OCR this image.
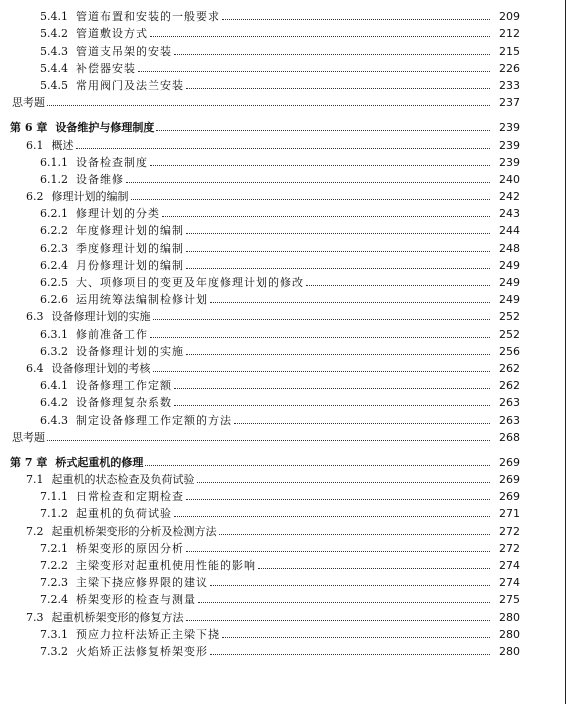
5.4.1 管道布置和安装的一般要求	209
5.4.2 管道敷设方式	212
5.4.3 管道支吊架的安装	215
5.4.4 补偿器安装	226
5.4.5 常用阀门及法兰安装	233
思考题	237
第 6 章 设备维护与修理制度	239
6.1 概述	239
6.1.1 设备检查制度	239
6.1.2 设备维修	240
6.2 修理计划的编制	242
6.2.1 修理计划的分类	243
6.2.2 年度修理计划的编制	244
6.2.3 季度修理计划的编制	248
6.2.4 月份修理计划的编制	249
6.2.5 大、项修项目的变更及年度修理计划的修改	249
6.2.6 运用统筹法编制检修计划	249
6.3 设备修理计划的实施	252
6.3.1 修前准备工作	252
6.3.2 设备修理计划的实施	256
6.4 设备修理计划的考核	262
6.4.1 设备修理工作定额	262
6.4.2 设备修理复杂系数	263
6.4.3 制定设备修理工作定额的方法	263
思考题	268
第 7 章 桥式起重机的修理	269
7.1 起重机的状态检查及负荷试验	269
7.1.1 日常检查和定期检查	269
7.1.2 起重机的负荷试验	271
7.2 起重机桥架变形的分析及检测方法	272
7.2.1 桥架变形的原因分析	272
7.2.2 主梁变形对起重机使用性能的影响	274
7.2.3 主梁下挠应修界限的建议	274
7.2.4 桥架变形的检查与测量	275
7.3 起重机桥架变形的修复方法	280
7.3.1 预应力拉杆法矫正主梁下挠	280
7.3.2 火焰矫正法修复桥架变形	280
